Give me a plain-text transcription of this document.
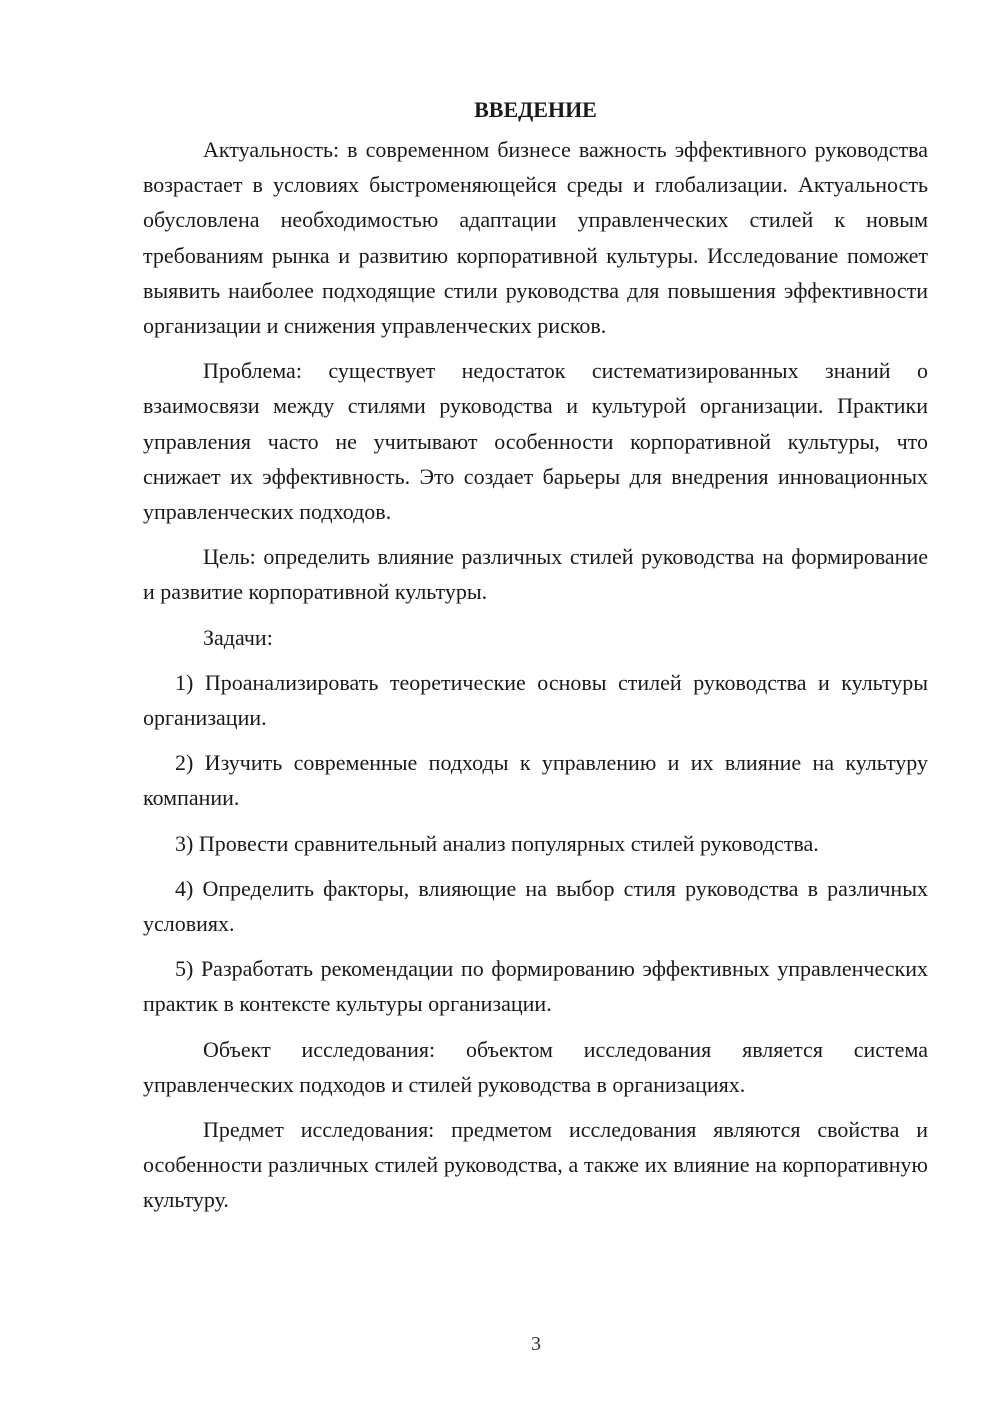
ВВЕДЕНИЕ

Актуальность: в современном бизнесе важность эффективного руководства возрастает в условиях быстроменяющейся среды и глобализации. Актуальность обусловлена необходимостью адаптации управленческих стилей к новым требованиям рынка и развитию корпоративной культуры. Исследование поможет выявить наиболее подходящие стили руководства для повышения эффективности организации и снижения управленческих рисков.

Проблема: существует недостаток систематизированных знаний о взаимосвязи между стилями руководства и культурой организации. Практики управления часто не учитывают особенности корпоративной культуры, что снижает их эффективность. Это создает барьеры для внедрения инновационных управленческих подходов.

Цель: определить влияние различных стилей руководства на формирование и развитие корпоративной культуры.

Задачи:

1) Проанализировать теоретические основы стилей руководства и культуры организации.

2) Изучить современные подходы к управлению и их влияние на культуру компании.

3) Провести сравнительный анализ популярных стилей руководства.

4) Определить факторы, влияющие на выбор стиля руководства в различных условиях.

5) Разработать рекомендации по формированию эффективных управленческих практик в контексте культуры организации.

Объект исследования: объектом исследования является система управленческих подходов и стилей руководства в организациях.

Предмет исследования: предметом исследования являются свойства и особенности различных стилей руководства, а также их влияние на корпоративную культуру.

3
